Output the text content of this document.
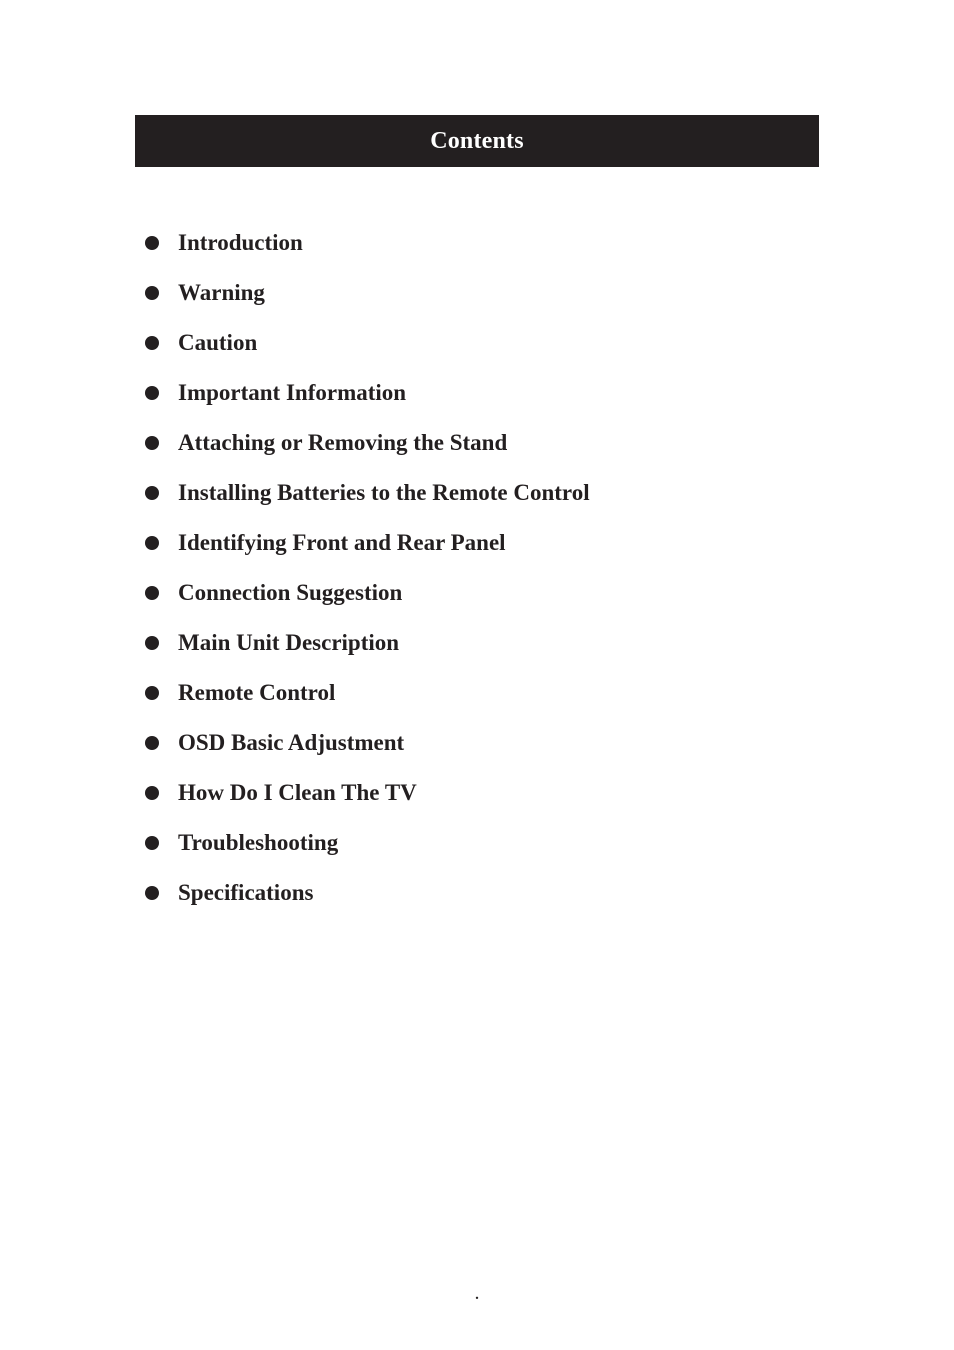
Contents
Introduction
Warning
Caution
Important Information
Attaching or Removing the Stand
Installing Batteries to the Remote Control
Identifying Front and Rear Panel
Connection Suggestion
Main Unit Description
Remote Control
OSD Basic Adjustment
How Do I Clean The TV
Troubleshooting
Specifications
.
